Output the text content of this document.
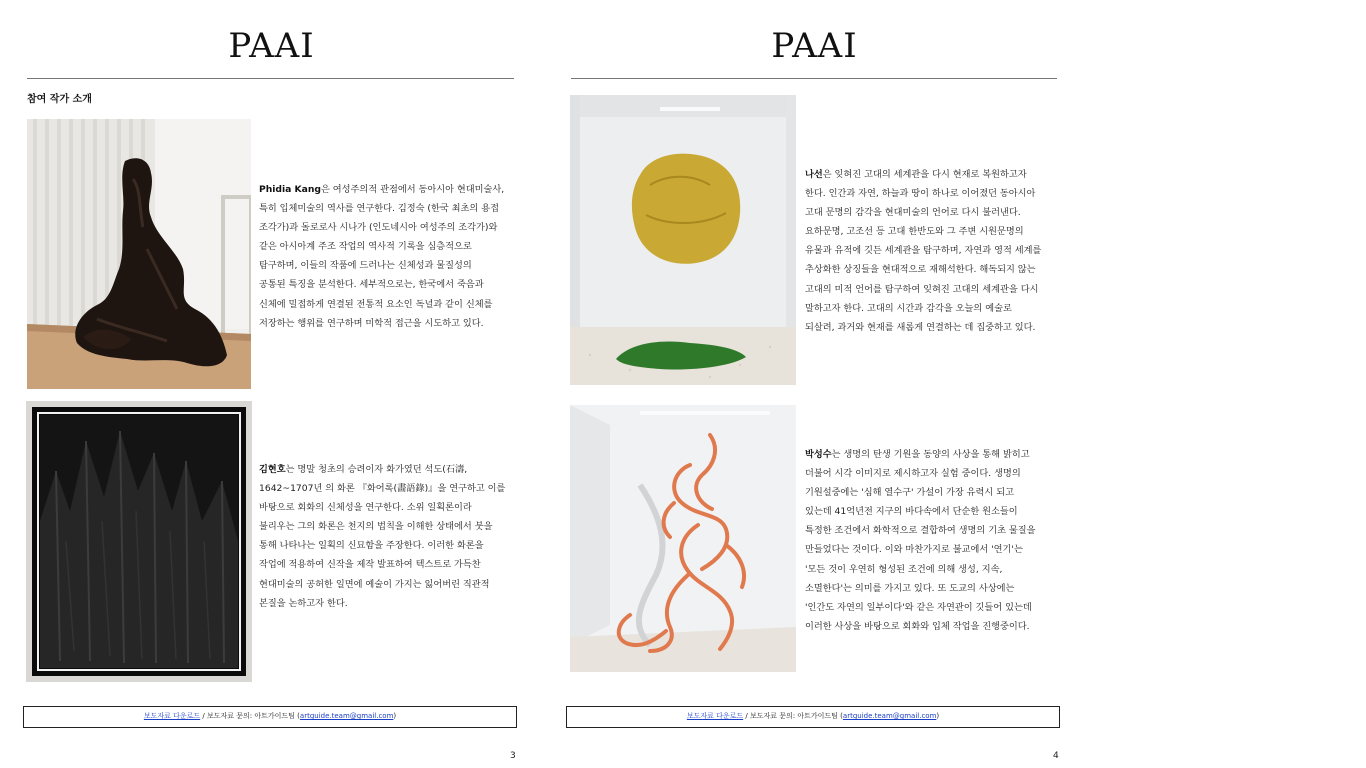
PAAI
참여 작가 소개
Phidia Kang은 여성주의적 관점에서 동아시아 현대미술사,
특히 입체미술의 역사를 연구한다. 김정숙 (한국 최초의 용접
조각가)과 돌로로사 시나가 (인도네시아 여성주의 조각가)와
같은 아시아계 주조 작업의 역사적 기록을 심층적으로
탐구하며, 이들의 작품에 드러나는 신체성과 물질성의
공통된 특징을 분석한다. 세부적으로는, 한국에서 죽음과
신체에 밀접하게 연결된 전통적 요소인 독널과 같이 신체를
저장하는 행위를 연구하며 미학적 접근을 시도하고 있다.
김현호는 명말 청초의 승려이자 화가였던 석도(石濤,
1642~1707년 의 화론 『화어록(畵語錄)』을 연구하고 이를
바탕으로 회화의 신체성을 연구한다. 소위 일획론이라
불리우는 그의 화론은 천지의 법칙을 이해한 상태에서 붓을
통해 나타나는 일획의 신묘함을 주장한다. 이러한 화론을
작업에 적용하여 신작을 제작 발표하여 텍스트로 가득찬
현대미술의 공허한 일면에 예술이 가지는 잃어버린 직관적
본질을 논하고자 한다.
보도자료 다운로드 / 보도자료 문의: 아트가이드팀 (artguide.team@gmail.com)
3
PAAI
나선은 잊혀진 고대의 세계관을 다시 현재로 복원하고자
한다. 인간과 자연, 하늘과 땅이 하나로 이어졌던 동아시아
고대 문명의 감각을 현대미술의 언어로 다시 불러낸다.
요하문명, 고조선 등 고대 한반도와 그 주변 시원문명의
유물과 유적에 깃든 세계관을 탐구하며, 자연과 영적 세계를
추상화한 상징들을 현대적으로 재해석한다. 해독되지 않는
고대의 미적 언어를 탐구하여 잊혀진 고대의 세계관을 다시
말하고자 한다. 고대의 시간과 감각을 오늘의 예술로
되살려, 과거와 현재를 새롭게 연결하는 데 집중하고 있다.
박성수는 생명의 탄생 기원을 동양의 사상을 통해 밝히고
더불어 시각 이미지로 제시하고자 실험 중이다. 생명의
기원설중에는 '심해 열수구' 가설이 가장 유력시 되고
있는데 41억년전 지구의 바다속에서 단순한 원소들이
특정한 조건에서 화학적으로 결합하여 생명의 기초 물질을
만들었다는 것이다. 이와 마찬가지로 불교에서 '연기'는
'모든 것이 우연히 형성된 조건에 의해 생성, 지속,
소멸한다'는 의미를 가지고 있다. 또 도교의 사상에는
'인간도 자연의 일부이다'와 같은 자연관이 깃들어 있는데
이러한 사상을 바탕으로 회화와 입체 작업을 진행중이다.
보도자료 다운로드 / 보도자료 문의: 아트가이드팀 (artguide.team@gmail.com)
4
